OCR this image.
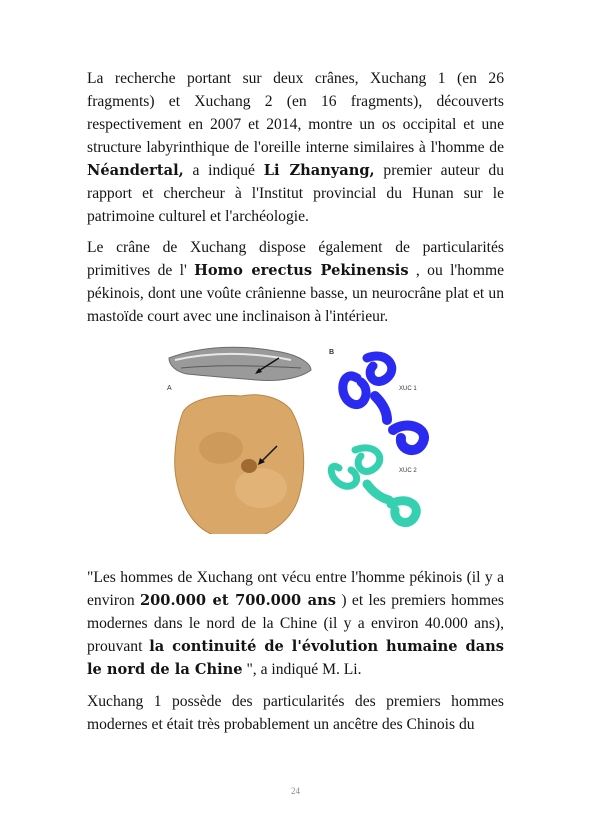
La recherche portant sur deux crânes, Xuchang 1 (en 26 fragments) et Xuchang 2 (en 16 fragments), découverts respectivement en 2007 et 2014, montre un os occipital et une structure labyrinthique de l'oreille interne similaires à l'homme de Néandertal, a indiqué Li Zhanyang, premier auteur du rapport et chercheur à l'Institut provincial du Hunan sur le patrimoine culturel et l'archéologie.

Le crâne de Xuchang dispose également de particularités primitives de l' Homo erectus Pekinensis , ou l'homme pékinois, dont une voûte crânienne basse, un neurocrâne plat et un mastoïde court avec une inclinaison à l'intérieur.

A
B
XUC 1
XUC 2

"Les hommes de Xuchang ont vécu entre l'homme pékinois (il y a environ 200.000 et 700.000 ans ) et les premiers hommes modernes dans le nord de la Chine (il y a environ 40.000 ans), prouvant la continuité de l'évolution humaine dans le nord de la Chine ", a indiqué M. Li.

Xuchang 1 possède des particularités des premiers hommes modernes et était très probablement un ancêtre des Chinois du

24
